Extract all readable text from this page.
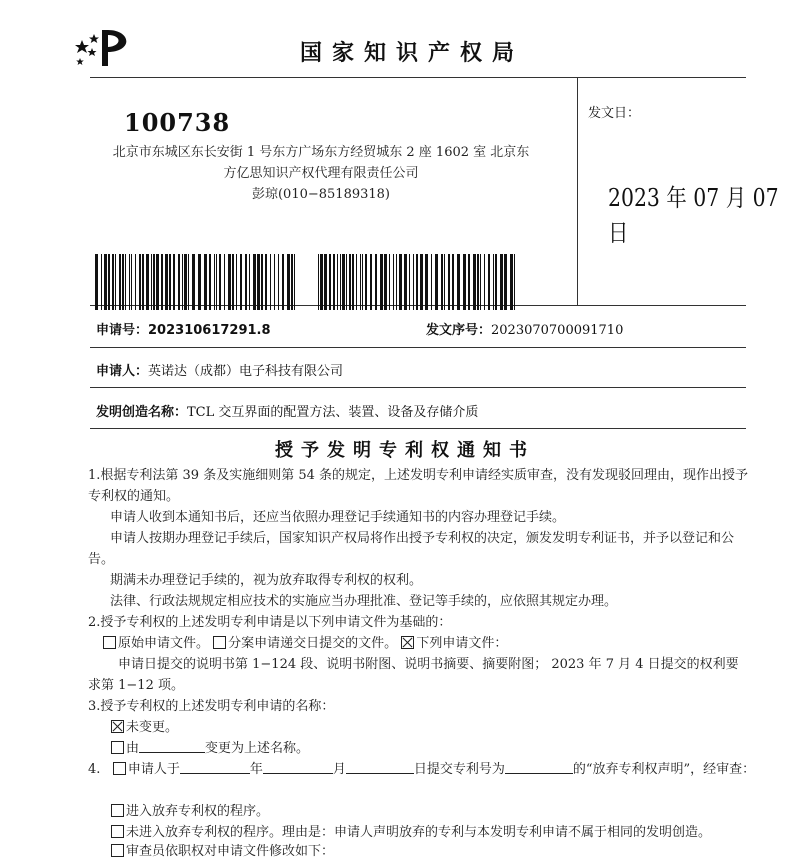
国家知识产权局
100738
北京市东城区东长安街 1 号东方广场东方经贸城东 2 座 1602 室 北京东
方亿思知识产权代理有限责任公司
彭琼(010−85189318)
发文日：
2023 年 07 月 07 日
申请号：202310617291.8	发文序号：2023070700091710
申请人：英诺达（成都）电子科技有限公司
发明创造名称：TCL 交互界面的配置方法、装置、设备及存储介质
授予发明专利权通知书
1.根据专利法第 39 条及实施细则第 54 条的规定，上述发明专利申请经实质审查，没有发现驳回理由，现作出授予专利权的通知。
申请人收到本通知书后，还应当依照办理登记手续通知书的内容办理登记手续。
申请人按期办理登记手续后，国家知识产权局将作出授予专利权的决定，颁发发明专利证书，并予以登记和公告。
期满未办理登记手续的，视为放弃取得专利权的权利。
法律、行政法规规定相应技术的实施应当办理批准、登记等手续的，应依照其规定办理。
2.授予专利权的上述发明专利申请是以下列申请文件为基础的：
原始申请文件。 分案申请递交日提交的文件。 下列申请文件：
申请日提交的说明书第 1−124 段、说明书附图、说明书摘要、摘要附图； 2023 年 7 月 4 日提交的权利要求第 1−12 项。
3.授予专利权的上述发明专利申请的名称：
未变更。
由	变更为上述名称。
4. 申请人于	年	月	日提交专利号为	的“放弃专利权声明”，经审查：
进入放弃专利权的程序。
未进入放弃专利权的程序。理由是：申请人声明放弃的专利与本发明专利申请不属于相同的发明创造。
审查员依职权对申请文件修改如下：
